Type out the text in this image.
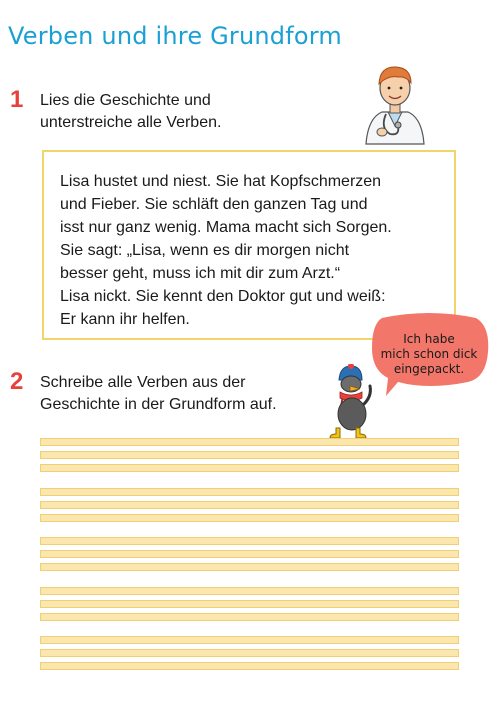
Verben und ihre Grundform
1 Lies die Geschichte und
unterstreiche alle Verben.
Lisa hustet und niest. Sie hat Kopfschmerzen
und Fieber. Sie schläft den ganzen Tag und
isst nur ganz wenig. Mama macht sich Sorgen.
Sie sagt: „Lisa, wenn es dir morgen nicht
besser geht, muss ich mit dir zum Arzt.“
Lisa nickt. Sie kennt den Doktor gut und weiß:
Er kann ihr helfen.
Ich habe
mich schon dick
eingepackt.
2 Schreibe alle Verben aus der
Geschichte in der Grundform auf.
